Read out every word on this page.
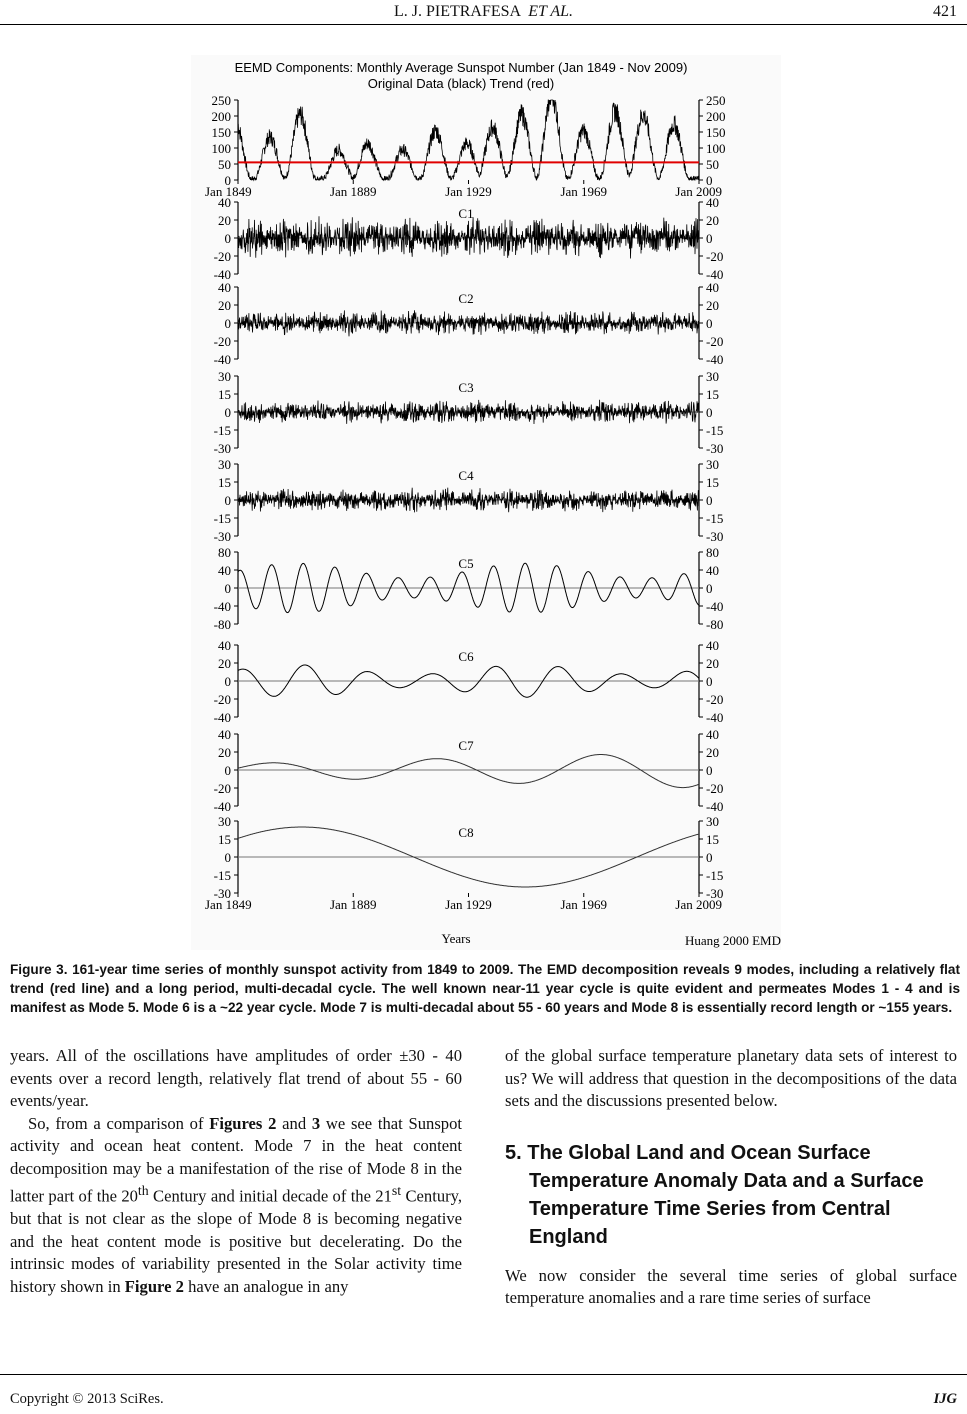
L. J. PIETRAFESA ET AL.	421
EEMD Components: Monthly Average Sunspot Number (Jan 1849 - Nov 2009)
Original Data (black) Trend (red)
Years	Huang 2000 EMD
250
200
150
100
50
0
250
200
150
100
50
0
Jan 1849	Jan 1889	Jan 1929	Jan 1969	Jan 2009
40
20
0
-20
-40
40
20
0
-20
-40
C1
40
20
0
-20
-40
40
20
0
-20
-40
C2
30
15
0
-15
-30
30
15
0
-15
-30
C3
30
15
0
-15
-30
30
15
0
-15
-30
C4
80
40
0
-40
-80
80
40
0
-40
-80
C5
40
20
0
-20
-40
40
20
0
-20
-40
C6
40
20
0
-20
-40
40
20
0
-20
-40
C7
30
15
0
-15
-30
30
15
0
-15
-30
C8
Jan 1849	Jan 1889	Jan 1929	Jan 1969	Jan 2009
Figure 3. 161-year time series of monthly sunspot activity from 1849 to 2009. The EMD decomposition reveals 9 modes, including a relatively flat trend (red line) and a long period, multi-decadal cycle. The well known near-11 year cycle is quite evident and permeates Modes 1 - 4 and is manifest as Mode 5. Mode 6 is a ~22 year cycle. Mode 7 is multi-decadal about 55 - 60 years and Mode 8 is essentially record length or ~155 years.

years. All of the oscillations have amplitudes of order ±30 - 40 events over a record length, relatively flat trend of about 55 - 60 events/year.

So, from a comparison of Figures 2 and 3 we see that Sunspot activity and ocean heat content. Mode 7 in the heat content decomposition may be a manifestation of the rise of Mode 8 in the latter part of the 20th Century and initial decade of the 21st Century, but that is not clear as the slope of Mode 8 is becoming negative and the heat content mode is positive but decelerating. Do the intrinsic modes of variability presented in the Solar activity time history shown in Figure 2 have an analogue in any

of the global surface temperature planetary data sets of interest to us? We will address that question in the decompositions of the data sets and the discussions presented below.

5. The Global Land and Ocean Surface Temperature Anomaly Data and a Surface Temperature Time Series from Central England

We now consider the several time series of global surface temperature anomalies and a rare time series of surface

Copyright © 2013 SciRes.	IJG
